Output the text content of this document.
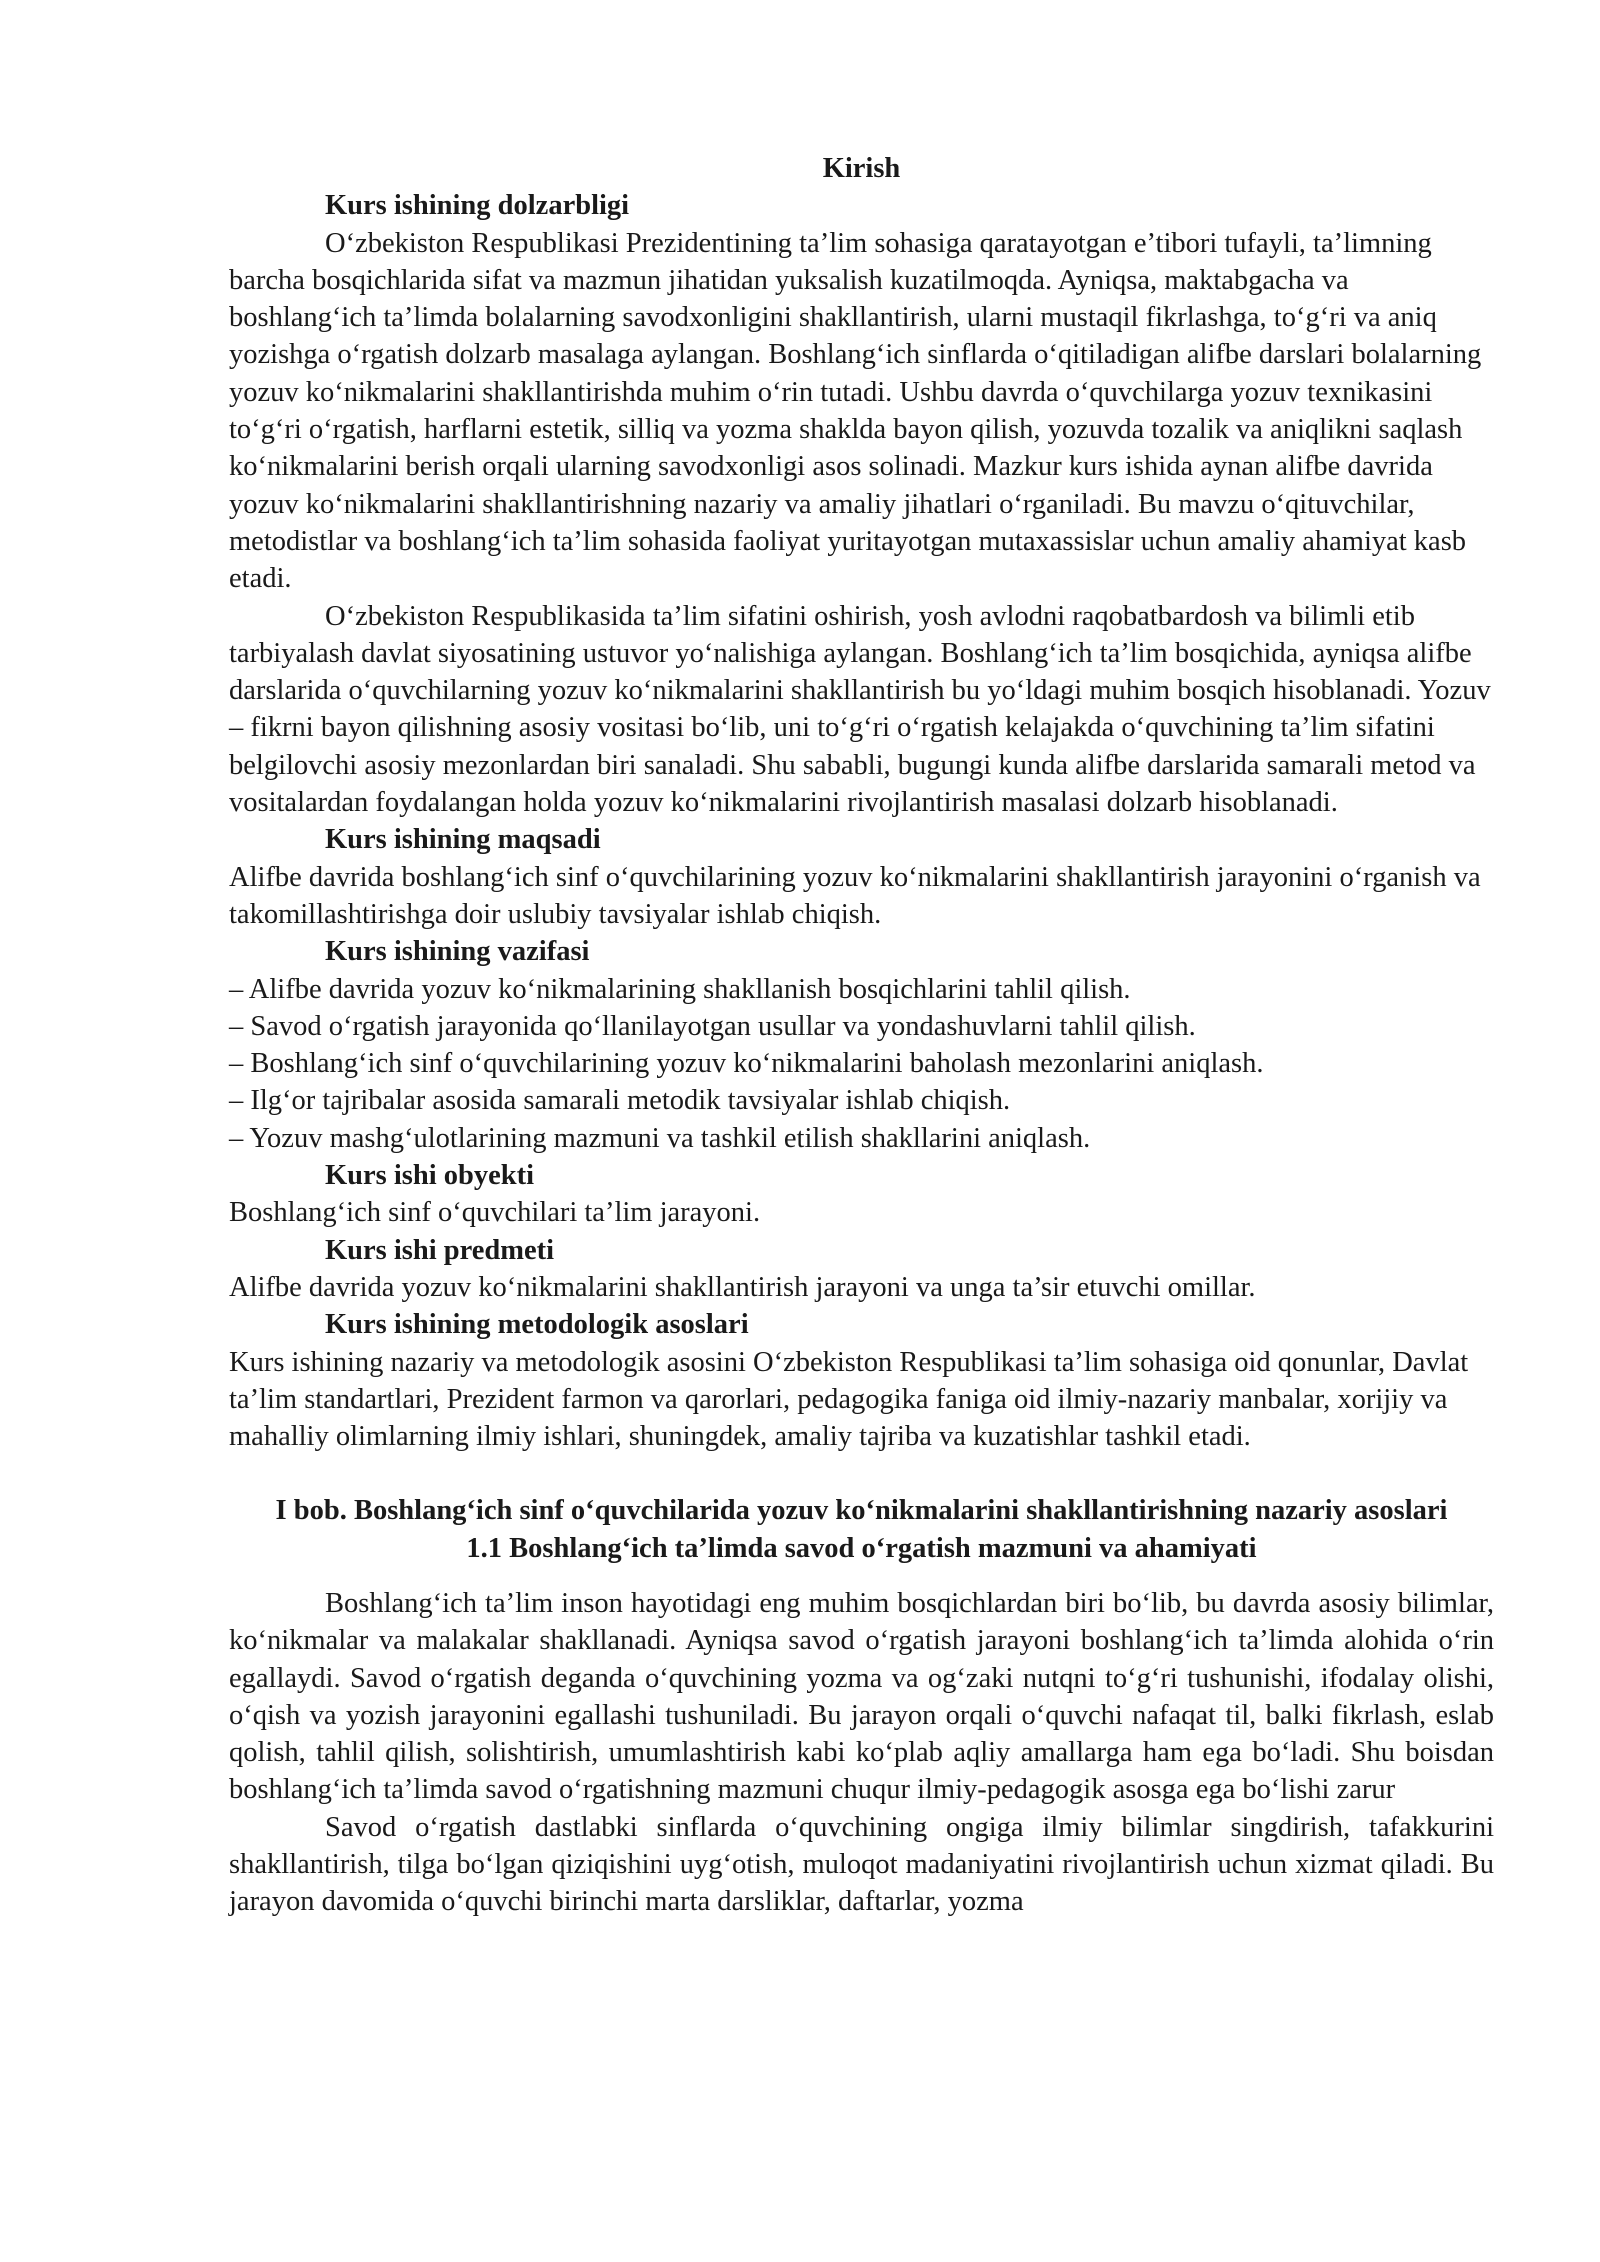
Kirish

Kurs ishining dolzarbligi

O‘zbekiston Respublikasi Prezidentining ta’lim sohasiga qaratayotgan e’tibori tufayli, ta’limning barcha bosqichlarida sifat va mazmun jihatidan yuksalish kuzatilmoqda. Ayniqsa, maktabgacha va boshlang‘ich ta’limda bolalarning savodxonligini shakllantirish, ularni mustaqil fikrlashga, to‘g‘ri va aniq yozishga o‘rgatish dolzarb masalaga aylangan. Boshlang‘ich sinflarda o‘qitiladigan alifbe darslari bolalarning yozuv ko‘nikmalarini shakllantirishda muhim o‘rin tutadi. Ushbu davrda o‘quvchilarga yozuv texnikasini to‘g‘ri o‘rgatish, harflarni estetik, silliq va yozma shaklda bayon qilish, yozuvda tozalik va aniqlikni saqlash ko‘nikmalarini berish orqali ularning savodxonligi asos solinadi. Mazkur kurs ishida aynan alifbe davrida yozuv ko‘nikmalarini shakllantirishning nazariy va amaliy jihatlari o‘rganiladi. Bu mavzu o‘qituvchilar, metodistlar va boshlang‘ich ta’lim sohasida faoliyat yuritayotgan mutaxassislar uchun amaliy ahamiyat kasb etadi.

O‘zbekiston Respublikasida ta’lim sifatini oshirish, yosh avlodni raqobatbardosh va bilimli etib tarbiyalash davlat siyosatining ustuvor yo‘nalishiga aylangan. Boshlang‘ich ta’lim bosqichida, ayniqsa alifbe darslarida o‘quvchilarning yozuv ko‘nikmalarini shakllantirish bu yo‘ldagi muhim bosqich hisoblanadi. Yozuv – fikrni bayon qilishning asosiy vositasi bo‘lib, uni to‘g‘ri o‘rgatish kelajakda o‘quvchining ta’lim sifatini belgilovchi asosiy mezonlardan biri sanaladi. Shu sababli, bugungi kunda alifbe darslarida samarali metod va vositalardan foydalangan holda yozuv ko‘nikmalarini rivojlantirish masalasi dolzarb hisoblanadi.

Kurs ishining maqsadi

Alifbe davrida boshlang‘ich sinf o‘quvchilarining yozuv ko‘nikmalarini shakllantirish jarayonini o‘rganish va takomillashtirishga doir uslubiy tavsiyalar ishlab chiqish.

Kurs ishining vazifasi

– Alifbe davrida yozuv ko‘nikmalarining shakllanish bosqichlarini tahlil qilish.

– Savod o‘rgatish jarayonida qo‘llanilayotgan usullar va yondashuvlarni tahlil qilish.

– Boshlang‘ich sinf o‘quvchilarining yozuv ko‘nikmalarini baholash mezonlarini aniqlash.

– Ilg‘or tajribalar asosida samarali metodik tavsiyalar ishlab chiqish.

– Yozuv mashg‘ulotlarining mazmuni va tashkil etilish shakllarini aniqlash.

Kurs ishi obyekti

Boshlang‘ich sinf o‘quvchilari ta’lim jarayoni.

Kurs ishi predmeti

Alifbe davrida yozuv ko‘nikmalarini shakllantirish jarayoni va unga ta’sir etuvchi omillar.

Kurs ishining metodologik asoslari

Kurs ishining nazariy va metodologik asosini O‘zbekiston Respublikasi ta’lim sohasiga oid qonunlar, Davlat ta’lim standartlari, Prezident farmon va qarorlari, pedagogika faniga oid ilmiy-nazariy manbalar, xorijiy va mahalliy olimlarning ilmiy ishlari, shuningdek, amaliy tajriba va kuzatishlar tashkil etadi.

I bob. Boshlang‘ich sinf o‘quvchilarida yozuv ko‘nikmalarini shakllantirishning nazariy asoslari

1.1 Boshlang‘ich ta’limda savod o‘rgatish mazmuni va ahamiyati

Boshlang‘ich ta’lim inson hayotidagi eng muhim bosqichlardan biri bo‘lib, bu davrda asosiy bilimlar, ko‘nikmalar va malakalar shakllanadi. Ayniqsa savod o‘rgatish jarayoni boshlang‘ich ta’limda alohida o‘rin egallaydi. Savod o‘rgatish deganda o‘quvchining yozma va og‘zaki nutqni to‘g‘ri tushunishi, ifodalay olishi, o‘qish va yozish jarayonini egallashi tushuniladi. Bu jarayon orqali o‘quvchi nafaqat til, balki fikrlash, eslab qolish, tahlil qilish, solishtirish, umumlashtirish kabi ko‘plab aqliy amallarga ham ega bo‘ladi. Shu boisdan boshlang‘ich ta’limda savod o‘rgatishning mazmuni chuqur ilmiy-pedagogik asosga ega bo‘lishi zarur

Savod o‘rgatish dastlabki sinflarda o‘quvchining ongiga ilmiy bilimlar singdirish, tafakkurini shakllantirish, tilga bo‘lgan qiziqishini uyg‘otish, muloqot madaniyatini rivojlantirish uchun xizmat qiladi. Bu jarayon davomida o‘quvchi birinchi marta darsliklar, daftarlar, yozma
